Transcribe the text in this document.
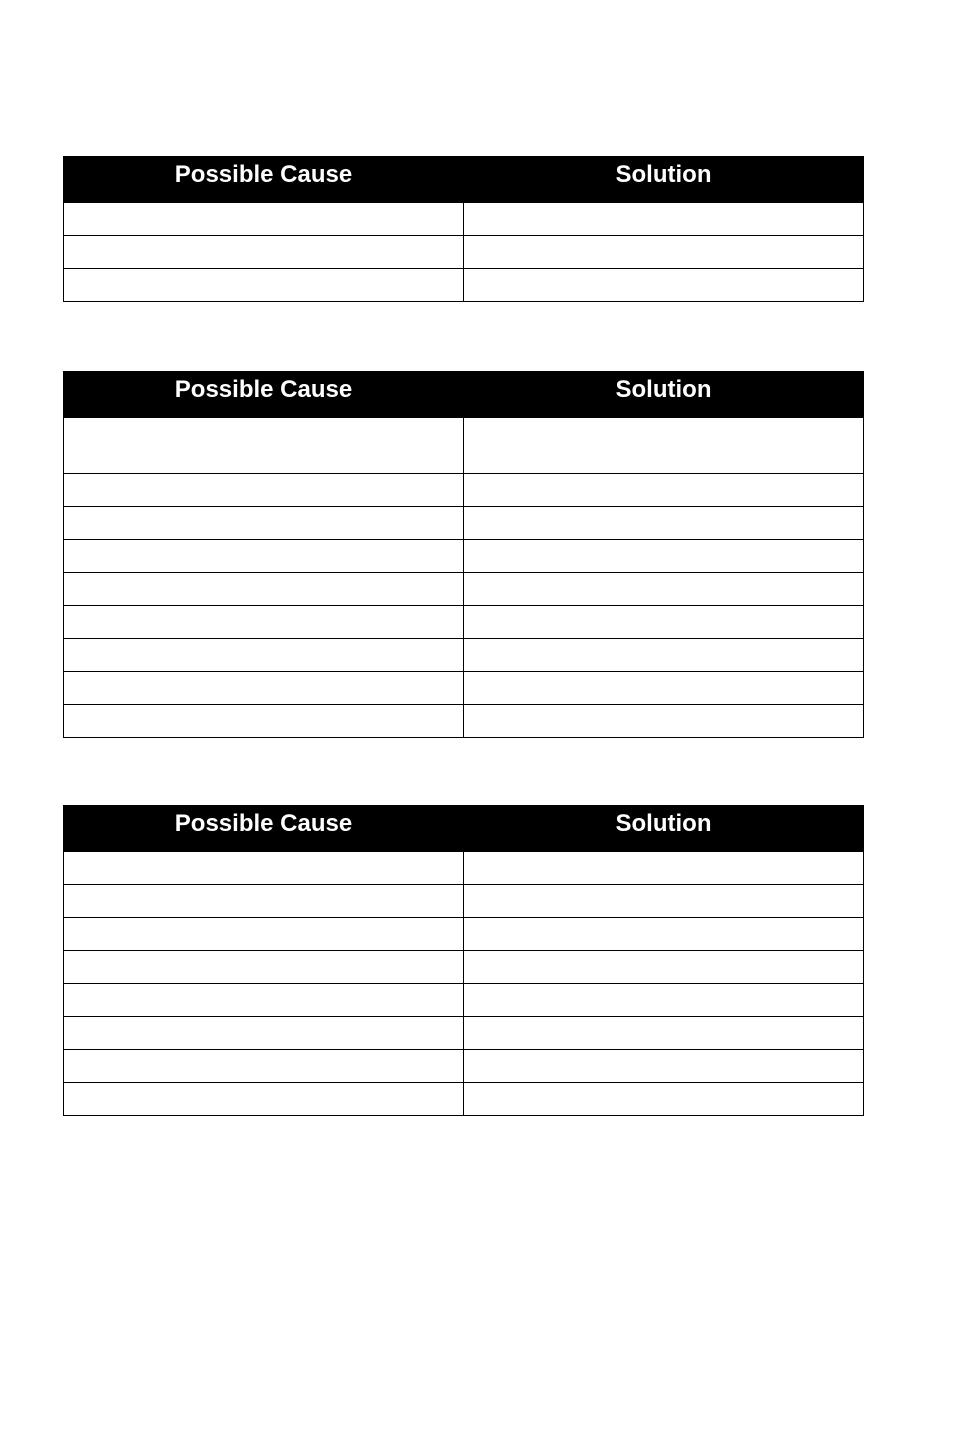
Possible Cause	Solution

Possible Cause	Solution

Possible Cause	Solution
